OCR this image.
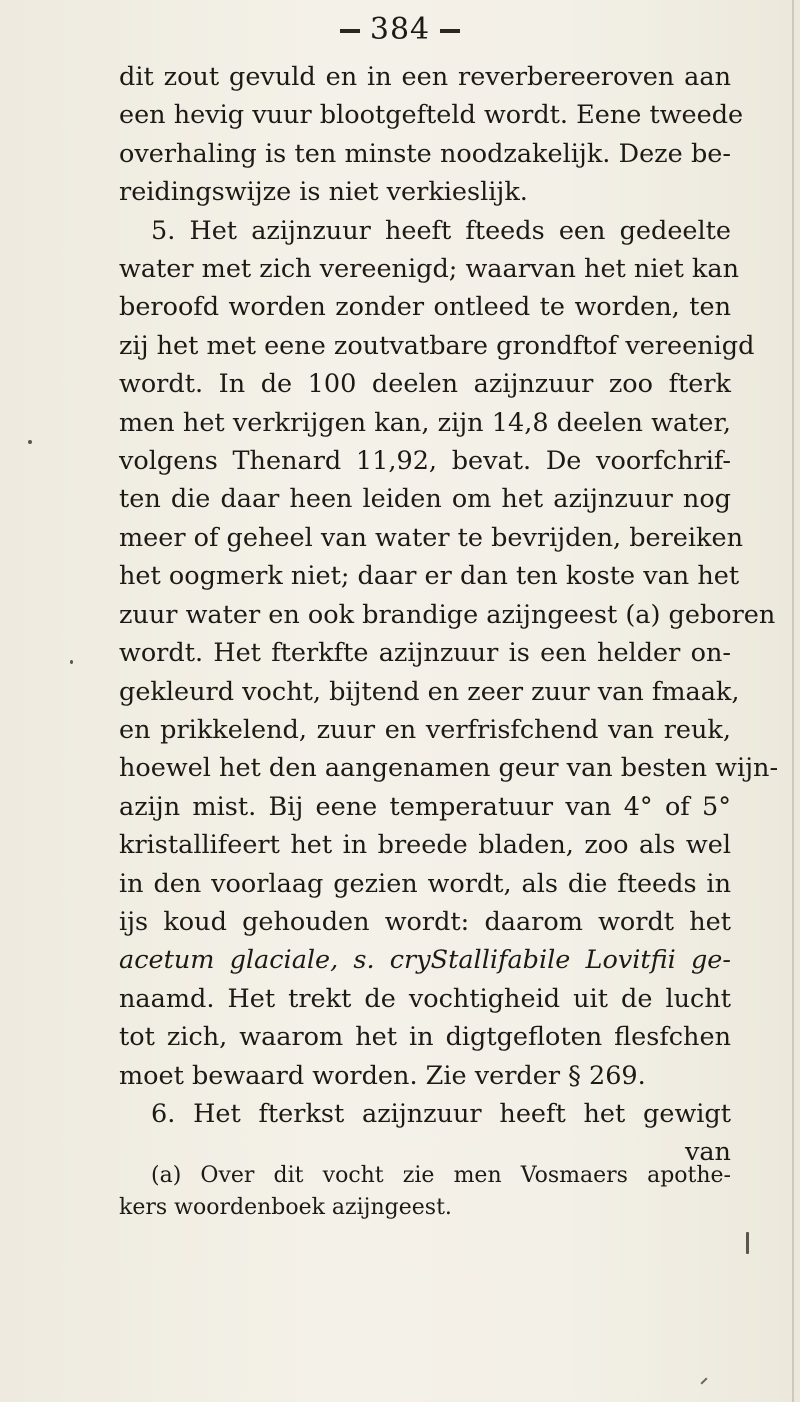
384
dit zout gevuld en in een reverbereeroven aan
een hevig vuur blootgefteld wordt. Eene tweede
overhaling is ten minste noodzakelijk. Deze be-
reidingswijze is niet verkieslijk.
5. Het azijnzuur heeft fteeds een gedeelte
water met zich vereenigd; waarvan het niet kan
beroofd worden zonder ontleed te worden, ten
zij het met eene zoutvatbare grondftof vereenigd
wordt. In de 100 deelen azijnzuur zoo fterk
men het verkrijgen kan, zijn 14,8 deelen water,
volgens Thenard 11,92, bevat. De voorfchrif-
ten die daar heen leiden om het azijnzuur nog
meer of geheel van water te bevrijden, bereiken
het oogmerk niet; daar er dan ten koste van het
zuur water en ook brandige azijngeest (a) geboren
wordt. Het fterkfte azijnzuur is een helder on-
gekleurd vocht, bijtend en zeer zuur van fmaak,
en prikkelend, zuur en verfrisfchend van reuk,
hoewel het den aangenamen geur van besten wijn-
azijn mist. Bij eene temperatuur van 4° of 5°
kristallifeert het in breede bladen, zoo als wel
in den voorlaag gezien wordt, als die fteeds in
ijs koud gehouden wordt: daarom wordt het
acetum glaciale, s. cryStallifabile Lovitfii ge-
naamd. Het trekt de vochtigheid uit de lucht
tot zich, waarom het in digtgefloten flesfchen
moet bewaard worden. Zie verder § 269.
6. Het fterkst azijnzuur heeft het gewigt
van
(a) Over dit vocht zie men Vosmaers apothe-
kers woordenboek azijngeest.
